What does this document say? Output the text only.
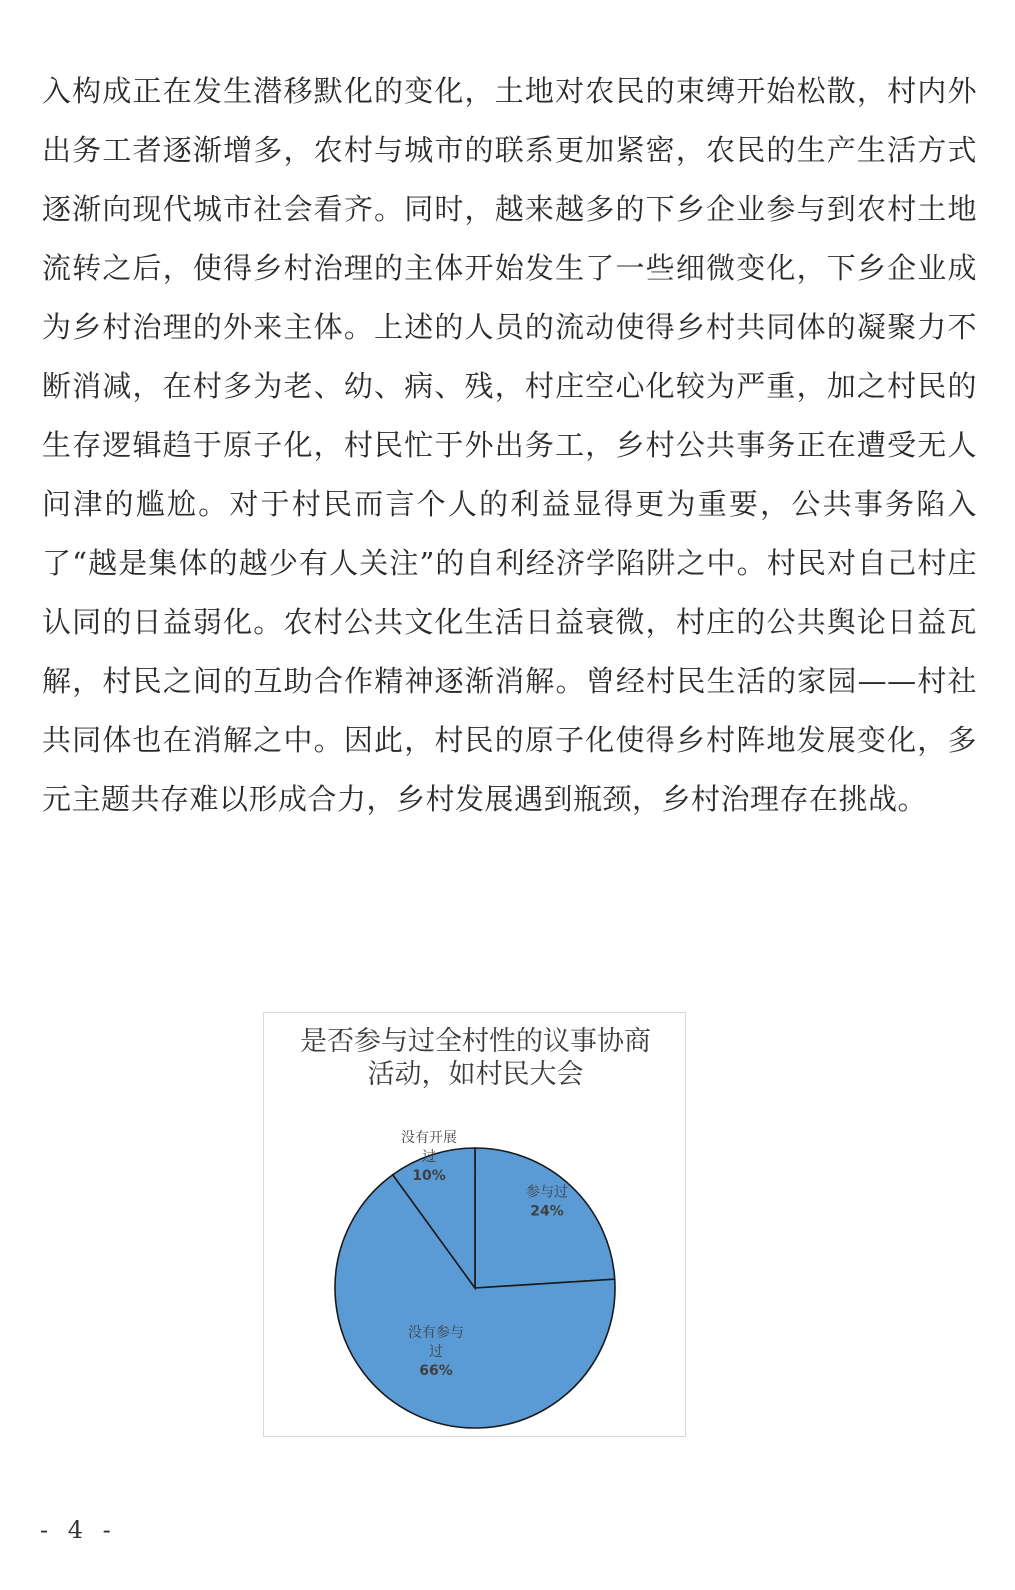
入构成正在发生潜移默化的变化，土地对农民的束缚开始松散，村内外出务工者逐渐增多，农村与城市的联系更加紧密，农民的生产生活方式逐渐向现代城市社会看齐。同时，越来越多的下乡企业参与到农村土地流转之后，使得乡村治理的主体开始发生了一些细微变化，下乡企业成为乡村治理的外来主体。上述的人员的流动使得乡村共同体的凝聚力不断消减，在村多为老、幼、病、残，村庄空心化较为严重，加之村民的生存逻辑趋于原子化，村民忙于外出务工，乡村公共事务正在遭受无人问津的尴尬。对于村民而言个人的利益显得更为重要，公共事务陷入了“越是集体的越少有人关注”的自利经济学陷阱之中。村民对自己村庄认同的日益弱化。农村公共文化生活日益衰微，村庄的公共舆论日益瓦解，村民之间的互助合作精神逐渐消解。曾经村民生活的家园——村社共同体也在消解之中。因此，村民的原子化使得乡村阵地发展变化，多元主题共存难以形成合力，乡村发展遇到瓶颈，乡村治理存在挑战。

是否参与过全村性的议事协商活动，如村民大会

参与过 24%
没有参与过 66%
没有开展过 10%
- 4 -
